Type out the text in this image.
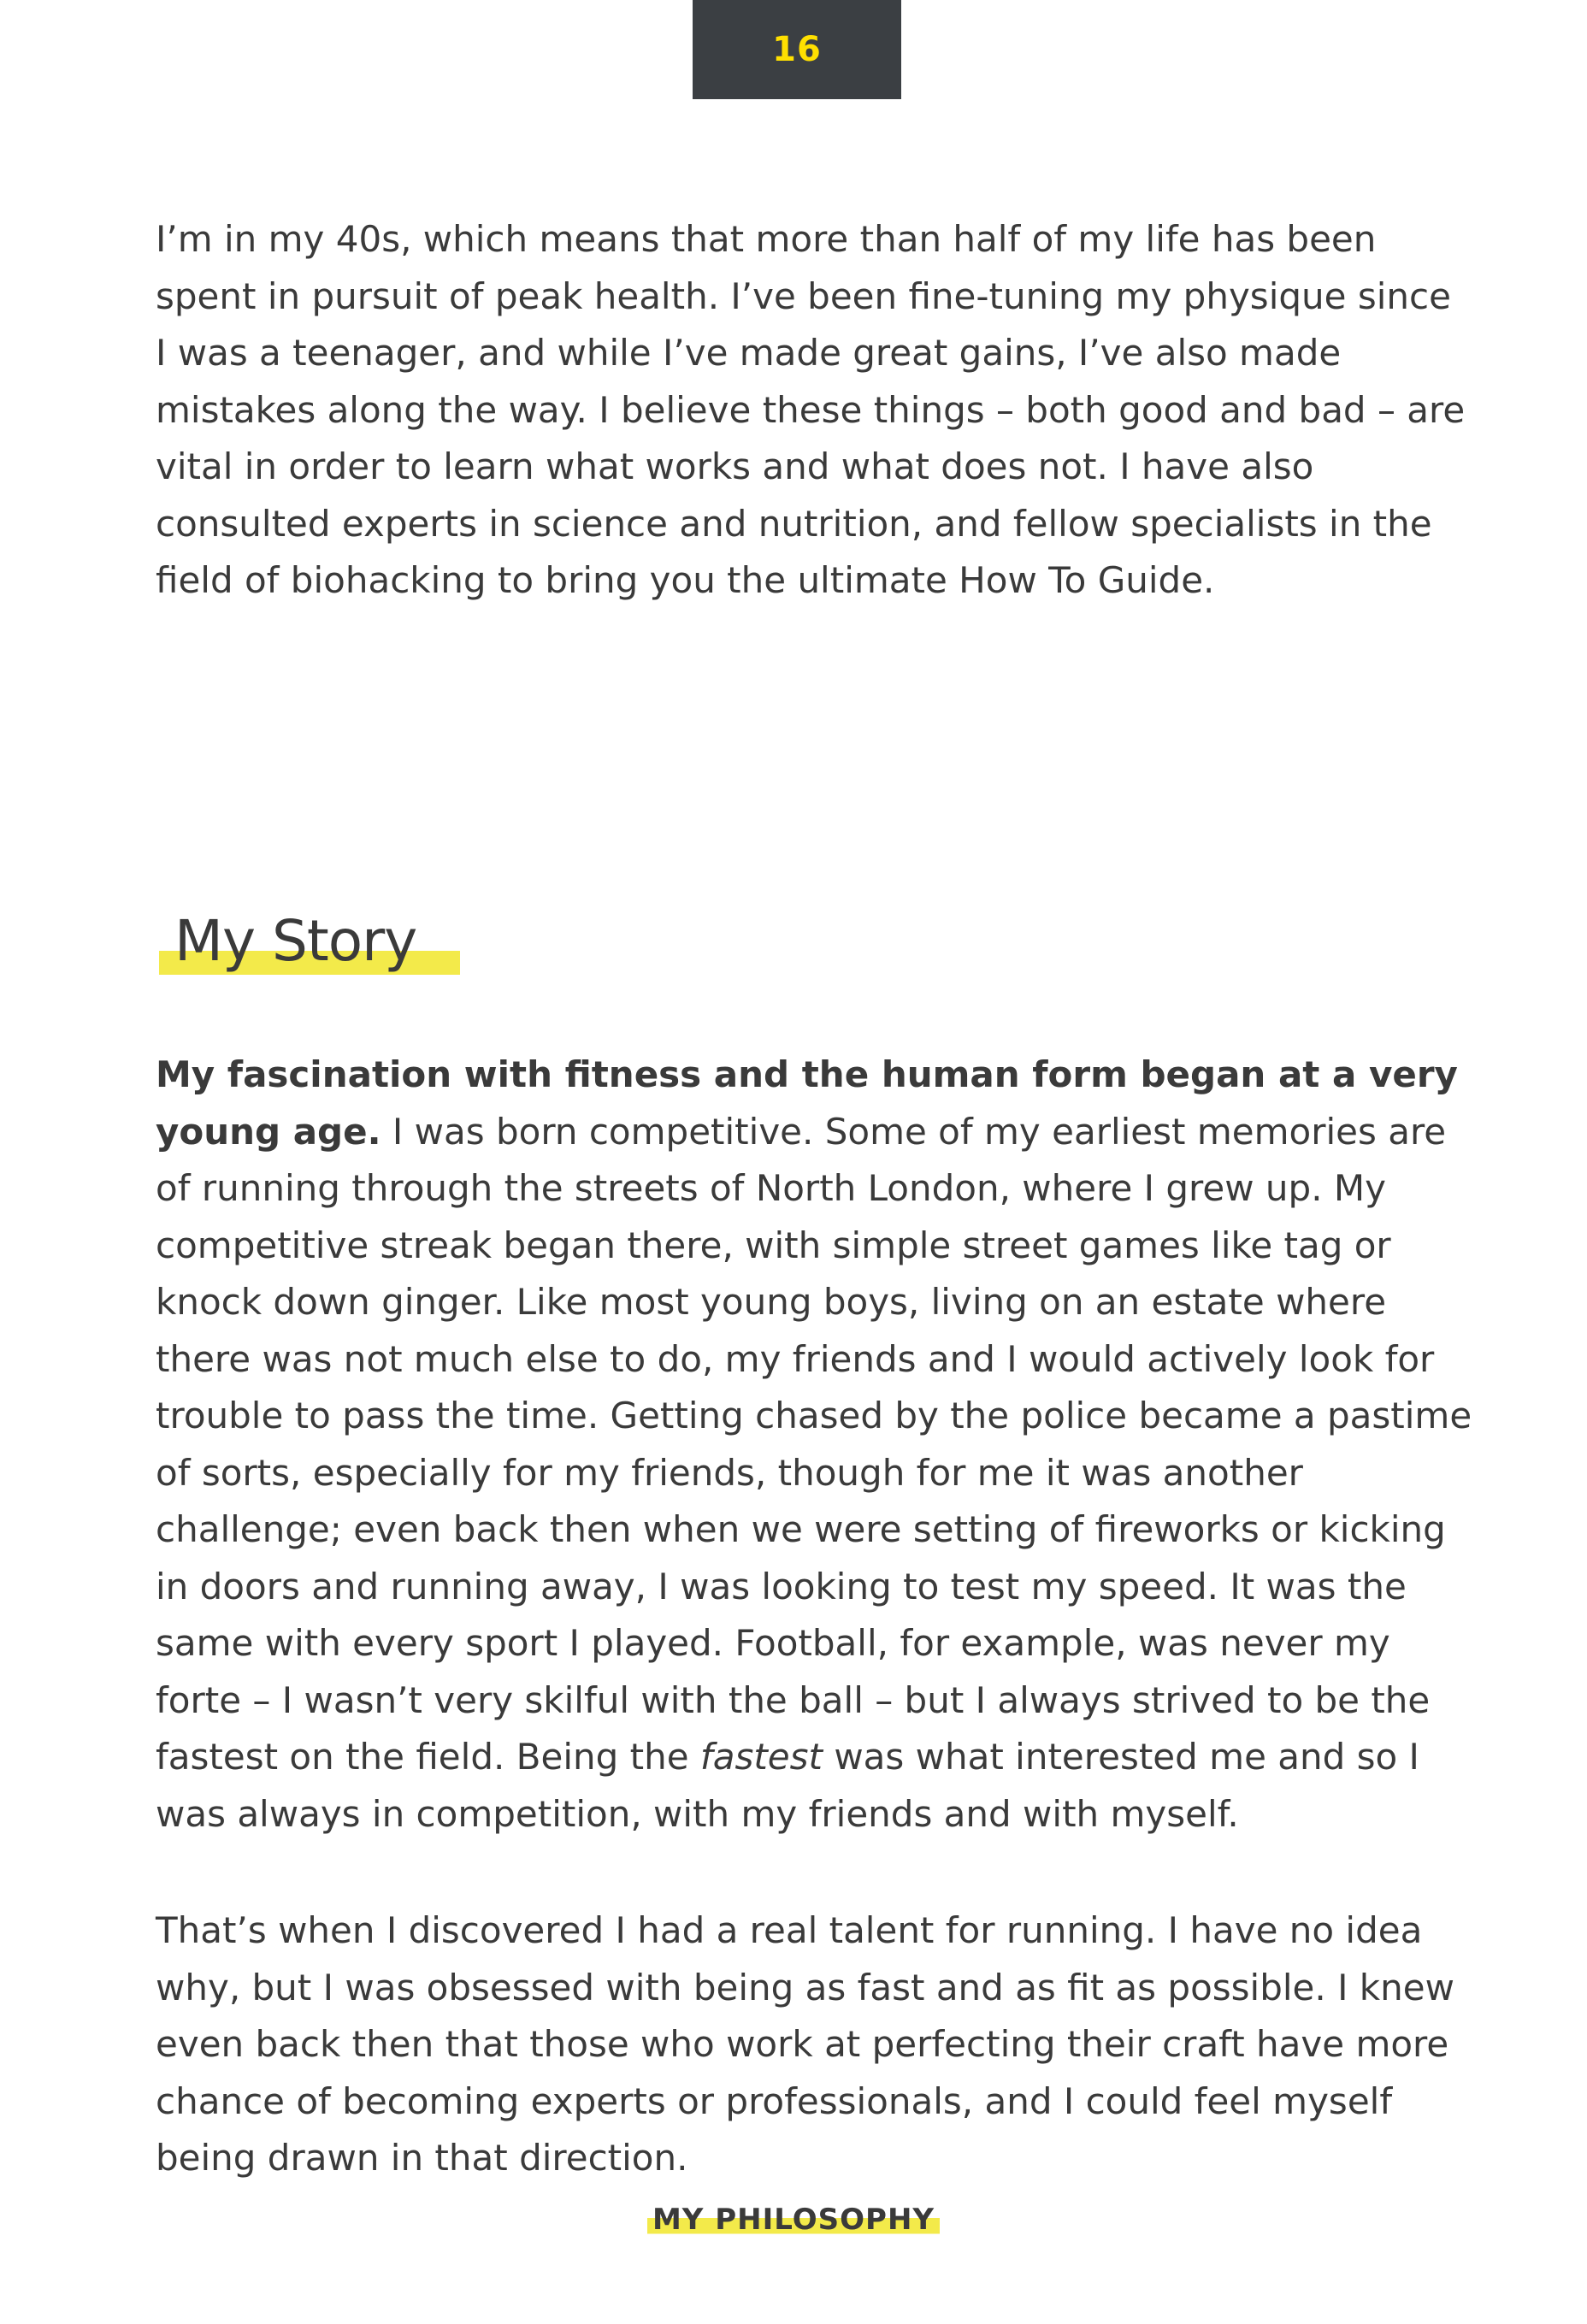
16

I’m in my 40s, which means that more than half of my life has been spent in pursuit of peak health. I’ve been fine-tuning my physique since I was a teenager, and while I’ve made great gains, I’ve also made mistakes along the way. I believe these things – both good and bad – are vital in order to learn what works and what does not. I have also consulted experts in science and nutrition, and fellow specialists in the field of biohacking to bring you the ultimate How To Guide.

My Story

My fascination with fitness and the human form began at a very young age. I was born competitive. Some of my earliest memories are of running through the streets of North London, where I grew up. My competitive streak began there, with simple street games like tag or knock down ginger. Like most young boys, living on an estate where there was not much else to do, my friends and I would actively look for trouble to pass the time. Getting chased by the police became a pastime of sorts, especially for my friends, though for me it was another challenge; even back then when we were setting of fireworks or kicking in doors and running away, I was looking to test my speed. It was the same with every sport I played. Football, for example, was never my forte – I wasn’t very skilful with the ball – but I always strived to be the fastest on the field. Being the fastest was what interested me and so I was always in competition, with my friends and with myself.

That’s when I discovered I had a real talent for running. I have no idea why, but I was obsessed with being as fast and as fit as possible. I knew even back then that those who work at perfecting their craft have more chance of becoming experts or professionals, and I could feel myself being drawn in that direction.

MY PHILOSOPHY
